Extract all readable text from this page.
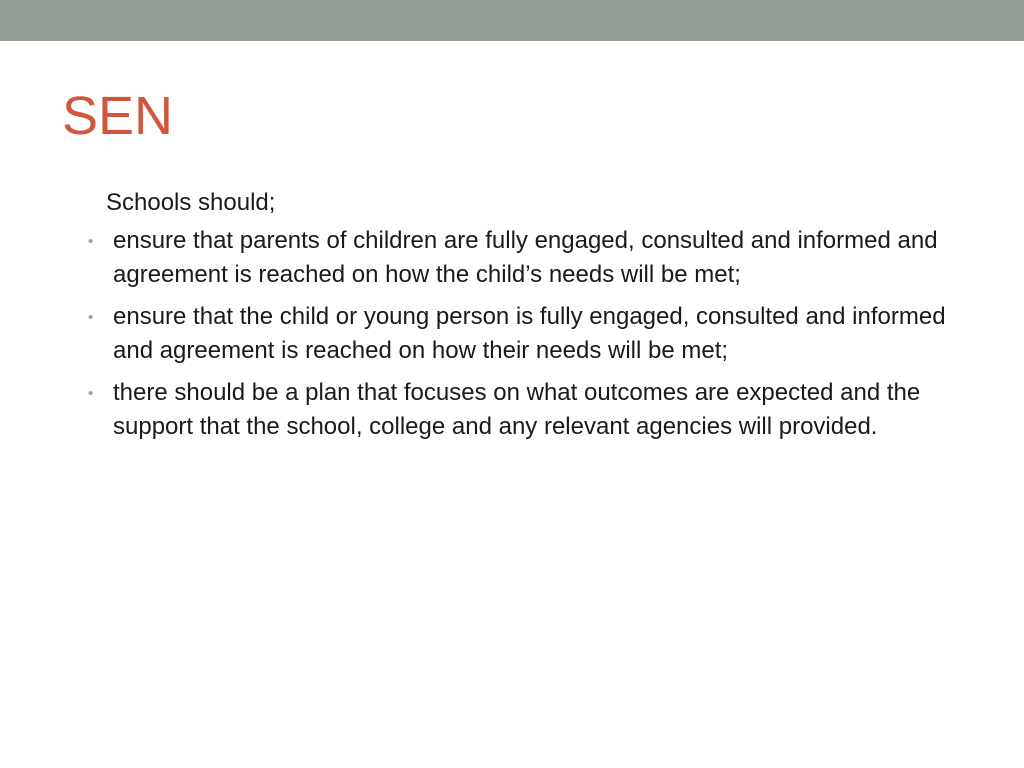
SEN

Schools should;

• ensure that parents of children are fully engaged, consulted and informed and agreement is reached on how the child’s needs will be met;
• ensure that the child or young person is fully engaged, consulted and informed and agreement is reached on how their needs will be met;
• there should be a plan that focuses on what outcomes are expected and the support that the school, college and any relevant agencies will provided.
